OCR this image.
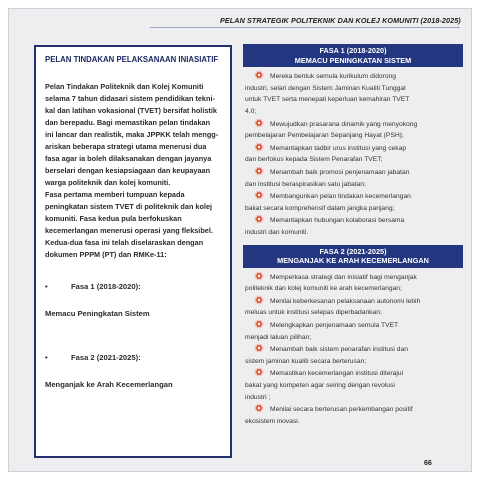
PELAN STRATEGIK POLITEKNIK DAN KOLEJ KOMUNITI (2018-2025)
PELAN TINDAKAN PELAKSANAAN INIASIATIF

Pelan Tindakan Politeknik dan Kolej Komuniti

selama 7 tahun didasari sistem pendidikan tekni-

kal dan latihan vokasional (TVET) bersifat holistik

dan berepadu. Bagi memastikan pelan tindakan

ini lancar dan realistik, maka JPPKK telah mengg-

ariskan beberapa strategi utama menerusi dua

fasa agar ia boleh dilaksanakan dengan jayanya

berselari dengan kesiapsiagaan dan keupayaan

warga politeknik dan kolej komuniti.

Fasa pertama memberi tumpuan kepada

peningkatan sistem TVET di politeknik dan kolej

komuniti. Fasa kedua pula berfokuskan

kecemerlangan menerusi operasi yang fleksibel.

Kedua-dua fasa ini telah diselaraskan dengan

dokumen PPPM (PT) dan RMKe-11:

•	Fasa 1 (2018-2020):
Memacu Peningkatan Sistem
•	Fasa 2 (2021-2025):
Menganjak ke Arah Kecemerlangan
FASA 1 (2018-2020)
MEMACU PENINGKATAN SISTEM
Mereka bentuk semula kurikulum didorong
industri, selari dengan Sistem Jaminan Kualiti Tunggal
untuk TVET serta menepati keperluan kemahiran TVET
4.0;
Mewujudkan prasarana dinamik yang menyokong
pembelajaran Pembelajaran Sepanjang Hayat (PSH);
Memantapkan tadbir urus institusi yang cekap
dan berfokus kepada Sistem Penarafan TVET;
Menambah baik promosi penjenamaan jabatan
dan institusi beraspirasikan satu jabatan;
Membangunkan pelan tindakan kecemerlangan
bakat secara komprehensif dalam jangka panjang;
Memantapkan hubungan kolaborasi bersama
industri dan komuniti.
FASA 2 (2021-2025)
MENGANJAK KE ARAH KECEMERLANGAN
Memperkasa strategi dan inisiatif bagi menganjak
politeknik dan kolej komuniti ke arah kecemerlangan;
Menilai keberkesanan pelaksanaan autonomi lebih
meluas untuk institusi selepas diperbadankan;
Melengkapkan penjenamaan semula TVET
menjadi laluan pilihan;
Menambah baik sistem penarafan institusi dan
sistem jaminan kualiti secara berterusan;
Memastikan kecemerlangan institusi diterajui
bakat yang kompeten agar seiring dengan revolusi
industri ;
Menilai secara berterusan perkembangan positif
ekosistem inovasi.
66
